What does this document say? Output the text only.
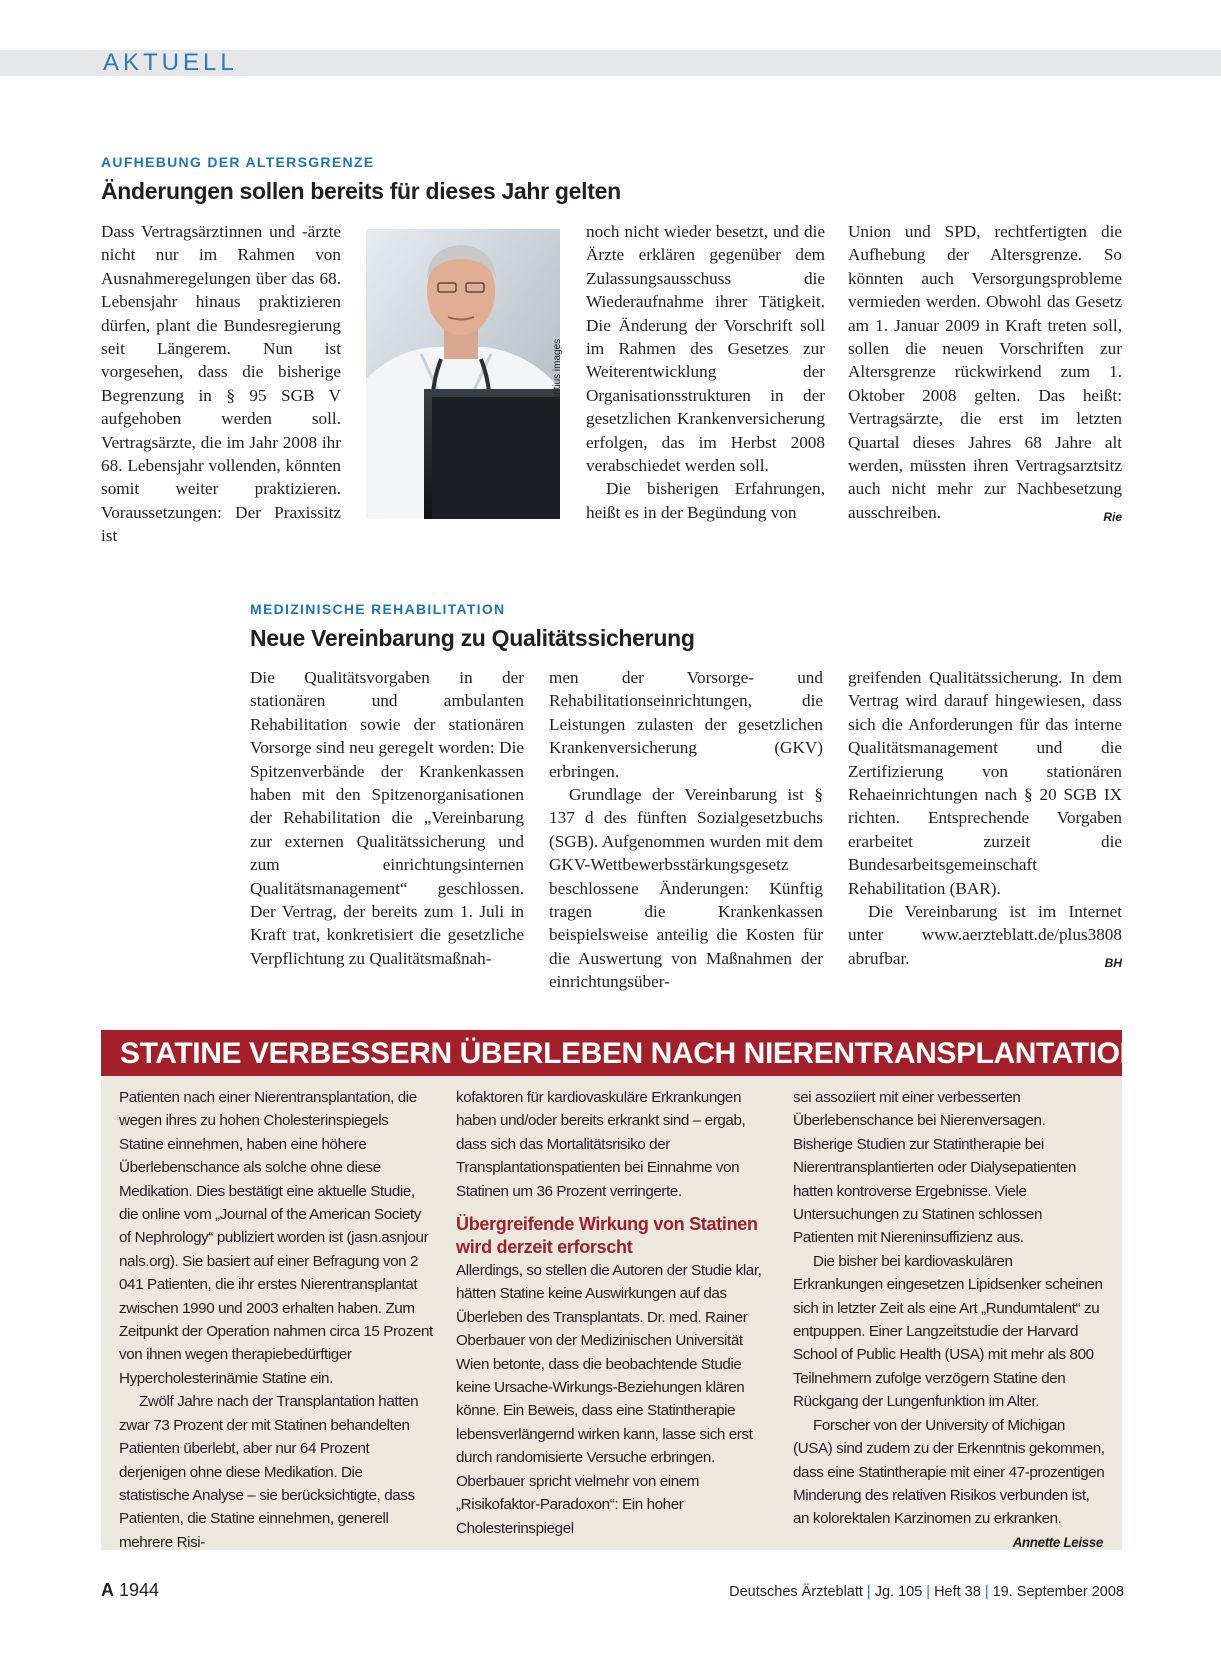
AKTUELL
AUFHEBUNG DER ALTERSGRENZE
Änderungen sollen bereits für dieses Jahr gelten

Dass Vertragsärztinnen und -ärzte nicht nur im Rahmen von Ausnahmeregelungen über das 68. Lebensjahr hinaus praktizieren dürfen, plant die Bundesregierung seit Längerem. Nun ist vorgesehen, dass die bisherige Begrenzung in § 95 SGB V aufgehoben werden soll. Vertragsärzte, die im Jahr 2008 ihr 68. Lebensjahr vollenden, könnten somit weiter praktizieren. Voraussetzungen: Der Praxissitz ist

Foto: mauritius images

noch nicht wieder besetzt, und die Ärzte erklären gegenüber dem Zulassungsausschuss die Wiederaufnahme ihrer Tätigkeit. Die Änderung der Vorschrift soll im Rahmen des Gesetzes zur Weiterentwicklung der Organisationsstrukturen in der gesetzlichen Krankenversicherung erfolgen, das im Herbst 2008 verabschiedet werden soll.

Die bisherigen Erfahrungen, heißt es in der Begündung von

Union und SPD, rechtfertigten die Aufhebung der Altersgrenze. So könnten auch Versorgungsprobleme vermieden werden. Obwohl das Gesetz am 1. Januar 2009 in Kraft treten soll, sollen die neuen Vorschriften zur Altersgrenze rückwirkend zum 1. Oktober 2008 gelten. Das heißt: Vertragsärzte, die erst im letzten Quartal dieses Jahres 68 Jahre alt werden, müssten ihren Vertragsarztsitz auch nicht mehr zur Nachbesetzung ausschreiben.	Rie

MEDIZINISCHE REHABILITATION
Neue Vereinbarung zu Qualitätssicherung

Die Qualitätsvorgaben in der stationären und ambulanten Rehabilitation sowie der stationären Vorsorge sind neu geregelt worden: Die Spitzenverbände der Krankenkassen haben mit den Spitzenorganisationen der Rehabilitation die „Vereinbarung zur externen Qualitätssicherung und zum einrichtungsinternen Qualitätsmanagement“ geschlossen. Der Vertrag, der bereits zum 1. Juli in Kraft trat, konkretisiert die gesetzliche Verpflichtung zu Qualitätsmaßnah-

men der Vorsorge- und Rehabilitationseinrichtungen, die Leistungen zulasten der gesetzlichen Krankenversicherung (GKV) erbringen.

Grundlage der Vereinbarung ist § 137 d des fünften Sozialgesetzbuchs (SGB). Aufgenommen wurden mit dem GKV-Wettbewerbsstärkungsgesetz beschlossene Änderungen: Künftig tragen die Krankenkassen beispielsweise anteilig die Kosten für die Auswertung von Maßnahmen der einrichtungsüber-

greifenden Qualitätssicherung. In dem Vertrag wird darauf hingewiesen, dass sich die Anforderungen für das interne Qualitätsmanagement und die Zertifizierung von stationären Rehaeinrichtungen nach § 20 SGB IX richten. Entsprechende Vorgaben erarbeitet zurzeit die Bundesarbeitsgemeinschaft Rehabilitation (BAR).

Die Vereinbarung ist im Internet unter www.aerzteblatt.de/plus3808 abrufbar.	BH

STATINE VERBESSERN ÜBERLEBEN NACH NIERENTRANSPLANTATION

Patienten nach einer Nierentransplantation, die wegen ihres zu hohen Cholesterinspiegels Statine einnehmen, haben eine höhere Überlebenschance als solche ohne diese Medikation. Dies bestätigt eine aktuelle Studie, die online vom „Journal of the American Society of Nephrology“ publiziert worden ist (jasn.asnjour nals.org). Sie basiert auf einer Befragung von 2 041 Patienten, die ihr erstes Nierentransplantat zwischen 1990 und 2003 erhalten haben. Zum Zeitpunkt der Operation nahmen circa 15 Prozent von ihnen wegen therapiebedürftiger Hypercholesterinämie Statine ein.

Zwölf Jahre nach der Transplantation hatten zwar 73 Prozent der mit Statinen behandelten Patienten überlebt, aber nur 64 Prozent derjenigen ohne diese Medikation. Die statistische Analyse – sie berücksichtigte, dass Patienten, die Statine einnehmen, generell mehrere Risi-

kofaktoren für kardiovaskuläre Erkrankungen haben und/oder bereits erkrankt sind – ergab, dass sich das Mortalitätsrisiko der Transplantationspatienten bei Einnahme von Statinen um 36 Prozent verringerte.

Übergreifende Wirkung von Statinen wird derzeit erforscht

Allerdings, so stellen die Autoren der Studie klar, hätten Statine keine Auswirkungen auf das Überleben des Transplantats. Dr. med. Rainer Oberbauer von der Medizinischen Universität Wien betonte, dass die beobachtende Studie keine Ursache-Wirkungs-Beziehungen klären könne. Ein Beweis, dass eine Statintherapie lebensverlängernd wirken kann, lasse sich erst durch randomisierte Versuche erbringen. Oberbauer spricht vielmehr von einem „Risikofaktor-Paradoxon“: Ein hoher Cholesterinspiegel

sei assoziiert mit einer verbesserten Überlebenschance bei Nierenversagen. Bisherige Studien zur Statintherapie bei Nierentransplantierten oder Dialysepatienten hatten kontroverse Ergebnisse. Viele Untersuchungen zu Statinen schlossen Patienten mit Niereninsuffizienz aus.

Die bisher bei kardiovaskulären Erkrankungen eingesetzen Lipidsenker scheinen sich in letzter Zeit als eine Art „Rundumtalent“ zu entpuppen. Einer Langzeitstudie der Harvard School of Public Health (USA) mit mehr als 800 Teilnehmern zufolge verzögern Statine den Rückgang der Lungenfunktion im Alter.

Forscher von der University of Michigan (USA) sind zudem zu der Erkenntnis gekommen, dass eine Statintherapie mit einer 47-prozentigen Minderung des relativen Risikos verbunden ist, an kolorektalen Karzinomen zu erkranken.
Annette Leisse

A 1944	Deutsches Ärzteblatt | Jg. 105 | Heft 38 | 19. September 2008
